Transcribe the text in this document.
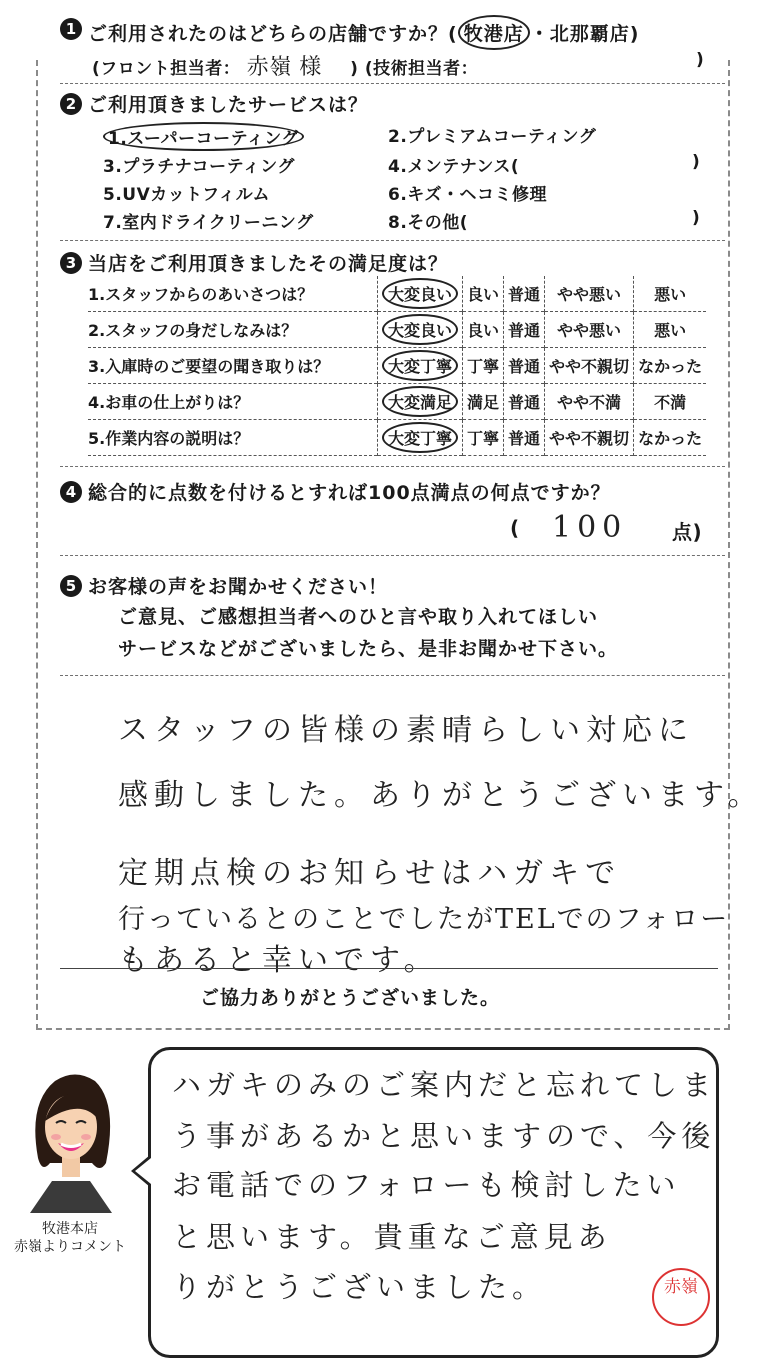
1 ご利用されたのはどちらの店舗ですか？( 牧港店 ・北那覇店)
(フロント担当者： 赤嶺 様 ) (技術担当者：	)
2 ご利用頂きましたサービスは？
1.スーパーコーティング	2.プレミアムコーティング
3.プラチナコーティング	4.メンテナンス(	)
5.UVカットフィルム	6.キズ・ヘコミ修理
7.室内ドライクリーニング	8.その他(	)
3 当店をご利用頂きましたその満足度は？
1.スタッフからのあいさつは？	大変良い	良い	普通	やや悪い	悪い
2.スタッフの身だしなみは？	大変良い	良い	普通	やや悪い	悪い
3.入庫時のご要望の聞き取りは？	大変丁寧	丁寧	普通	やや不親切	なかった
4.お車の仕上がりは？	大変満足	満足	普通	やや不満	不満
5.作業内容の説明は？	大変丁寧	丁寧	普通	やや不親切	なかった
4 総合的に点数を付けるとすれば100点満点の何点ですか？
( 100 点)
5 お客様の声をお聞かせください！
ご意見、ご感想担当者へのひと言や取り入れてほしい
サービスなどがございましたら、是非お聞かせ下さい。
スタッフの皆様の素晴らしい対応に
感動しました。ありがとうございます。
定期点検のお知らせはハガキで
行っているとのことでしたがTELでのフォロー
もあると幸いです。
ご協力ありがとうございました。
牧港本店
赤嶺よりコメント
ハガキのみのご案内だと忘れてしま
う事があるかと思いますので、今後
お電話でのフォローも検討したい
と思います。貴重なご意見あ
りがとうございました。	赤嶺
